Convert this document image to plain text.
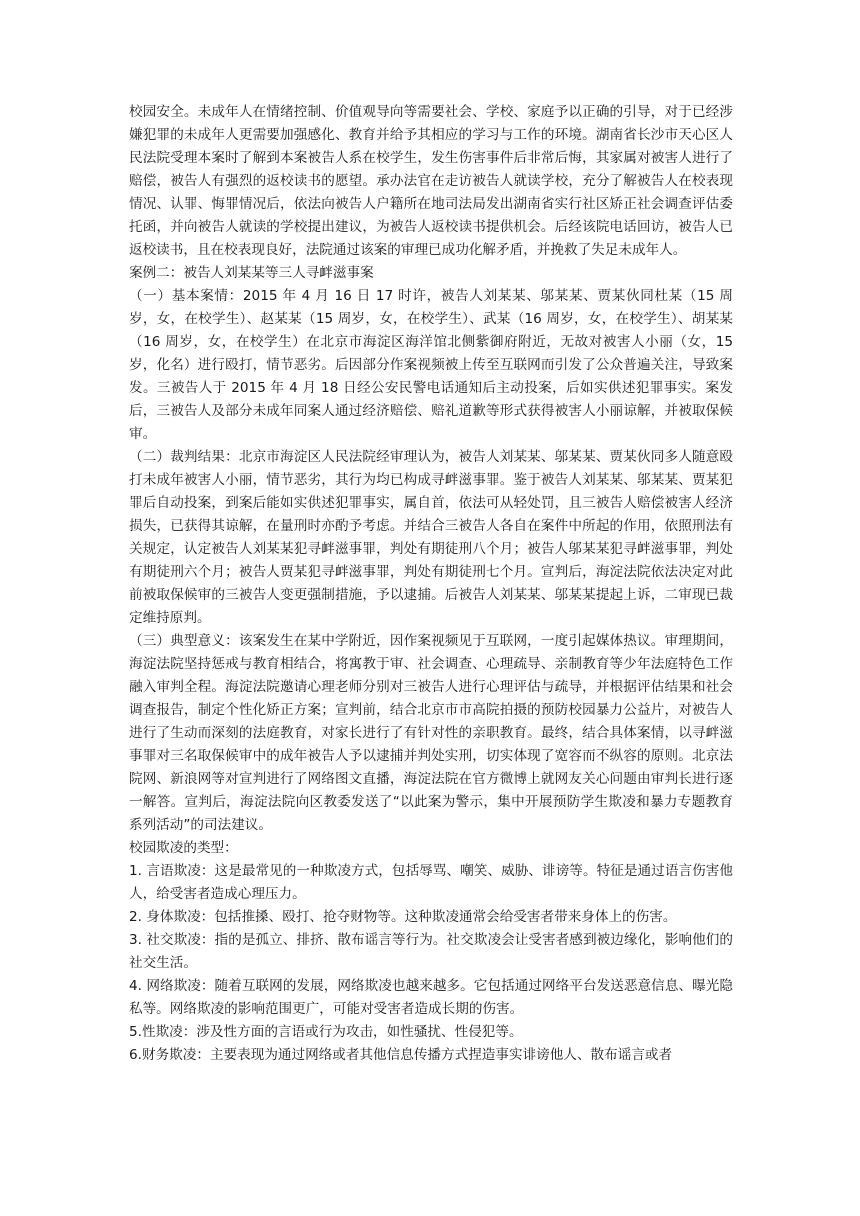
校园安全。未成年人在情绪控制、价值观导向等需要社会、学校、家庭予以正确的引导，对于已经涉嫌犯罪的未成年人更需要加强感化、教育并给予其相应的学习与工作的环境。湖南省长沙市天心区人民法院受理本案时了解到本案被告人系在校学生，发生伤害事件后非常后悔，其家属对被害人进行了赔偿，被告人有强烈的返校读书的愿望。承办法官在走访被告人就读学校，充分了解被告人在校表现情况、认罪、悔罪情况后，依法向被告人户籍所在地司法局发出湖南省实行社区矫正社会调查评估委托函，并向被告人就读的学校提出建议，为被告人返校读书提供机会。后经该院电话回访，被告人已返校读书，且在校表现良好，法院通过该案的审理已成功化解矛盾，并挽救了失足未成年人。

案例二：被告人刘某某等三人寻衅滋事案

（一）基本案情：2015 年 4 月 16 日 17 时许，被告人刘某某、邬某某、贾某伙同杜某（15 周岁，女，在校学生）、赵某某（15 周岁，女，在校学生）、武某（16 周岁，女，在校学生）、胡某某（16 周岁，女，在校学生）在北京市海淀区海洋馆北侧紫御府附近，无故对被害人小丽（女，15 岁，化名）进行殴打，情节恶劣。后因部分作案视频被上传至互联网而引发了公众普遍关注，导致案发。三被告人于 2015 年 4 月 18 日经公安民警电话通知后主动投案，后如实供述犯罪事实。案发后，三被告人及部分未成年同案人通过经济赔偿、赔礼道歉等形式获得被害人小丽谅解，并被取保候审。

（二）裁判结果：北京市海淀区人民法院经审理认为，被告人刘某某、邬某某、贾某伙同多人随意殴打未成年被害人小丽，情节恶劣，其行为均已构成寻衅滋事罪。鉴于被告人刘某某、邬某某、贾某犯罪后自动投案，到案后能如实供述犯罪事实，属自首，依法可从轻处罚，且三被告人赔偿被害人经济损失，已获得其谅解，在量刑时亦酌予考虑。并结合三被告人各自在案件中所起的作用，依照刑法有关规定，认定被告人刘某某犯寻衅滋事罪，判处有期徒刑八个月；被告人邬某某犯寻衅滋事罪，判处有期徒刑六个月；被告人贾某犯寻衅滋事罪，判处有期徒刑七个月。宣判后，海淀法院依法决定对此前被取保候审的三被告人变更强制措施，予以逮捕。后被告人刘某某、邬某某提起上诉，二审现已裁定维持原判。

（三）典型意义：该案发生在某中学附近，因作案视频见于互联网，一度引起媒体热议。审理期间，海淀法院坚持惩戒与教育相结合，将寓教于审、社会调查、心理疏导、亲制教育等少年法庭特色工作融入审判全程。海淀法院邀请心理老师分别对三被告人进行心理评估与疏导，并根据评估结果和社会调查报告，制定个性化矫正方案；宣判前，结合北京市市高院拍摄的预防校园暴力公益片，对被告人进行了生动而深刻的法庭教育，对家长进行了有针对性的亲职教育。最终，结合具体案情，以寻衅滋事罪对三名取保候审中的成年被告人予以逮捕并判处实刑，切实体现了宽容而不纵容的原则。北京法院网、新浪网等对宣判进行了网络图文直播，海淀法院在官方微博上就网友关心问题由审判长进行逐一解答。宣判后，海淀法院向区教委发送了“以此案为警示，集中开展预防学生欺凌和暴力专题教育系列活动”的司法建议。

校园欺凌的类型：

1. 言语欺凌：这是最常见的一种欺凌方式，包括辱骂、嘲笑、威胁、诽谤等。特征是通过语言伤害他人，给受害者造成心理压力。

2. 身体欺凌：包括推搡、殴打、抢夺财物等。这种欺凌通常会给受害者带来身体上的伤害。

3. 社交欺凌：指的是孤立、排挤、散布谣言等行为。社交欺凌会让受害者感到被边缘化，影响他们的社交生活。

4. 网络欺凌：随着互联网的发展，网络欺凌也越来越多。它包括通过网络平台发送恶意信息、曝光隐私等。网络欺凌的影响范围更广，可能对受害者造成长期的伤害。

5.性欺凌：涉及性方面的言语或行为攻击，如性骚扰、性侵犯等。

6.财务欺凌：主要表现为通过网络或者其他信息传播方式捏造事实诽谤他人、散布谣言或者
